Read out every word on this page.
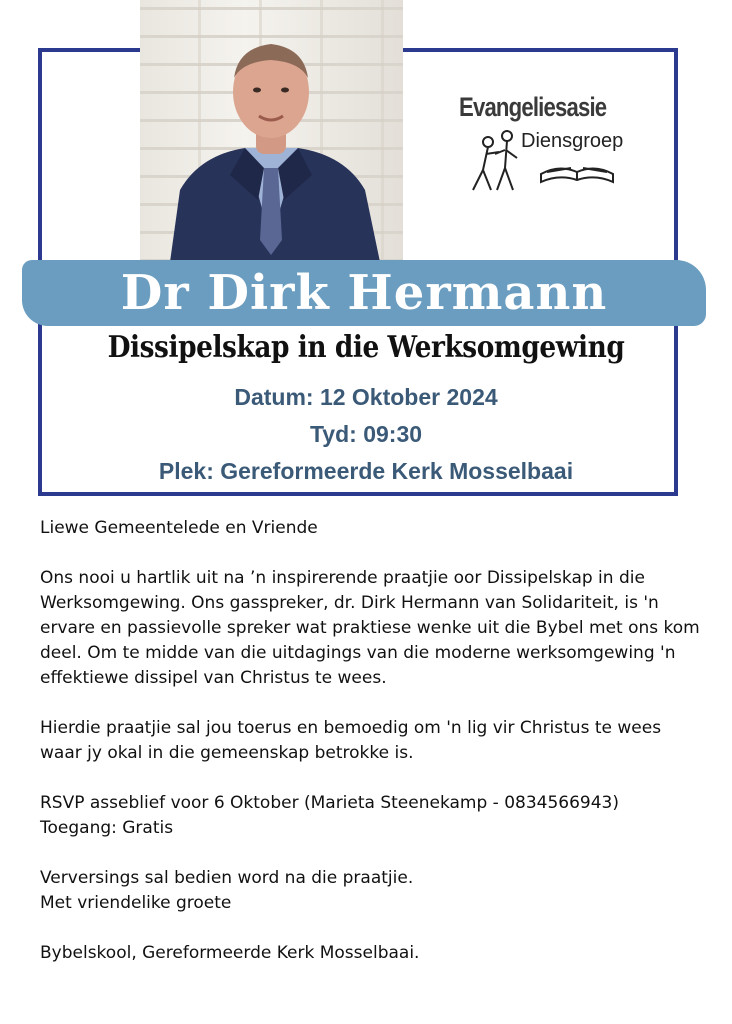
Evangeliesasie
Diensgroep
Dr Dirk Hermann
Dissipelskap in die Werksomgewing
Datum: 12 Oktober 2024
Tyd: 09:30
Plek: Gereformeerde Kerk Mosselbaai

Liewe Gemeentelede en Vriende

Ons nooi u hartlik uit na ’n inspirerende praatjie oor Dissipelskap in die Werksomgewing. Ons gasspreker, dr. Dirk Hermann van Solidariteit, is 'n ervare en passievolle spreker wat praktiese wenke uit die Bybel met ons kom deel. Om te midde van die uitdagings van die moderne werksomgewing 'n effektiewe dissipel van Christus te wees.

Hierdie praatjie sal jou toerus en bemoedig om 'n lig vir Christus te wees waar jy okal in die gemeenskap betrokke is.

RSVP asseblief voor 6 Oktober (Marieta Steenekamp - 0834566943)

Toegang: Gratis

Verversings sal bedien word na die praatjie.

Met vriendelike groete

Bybelskool, Gereformeerde Kerk Mosselbaai.
